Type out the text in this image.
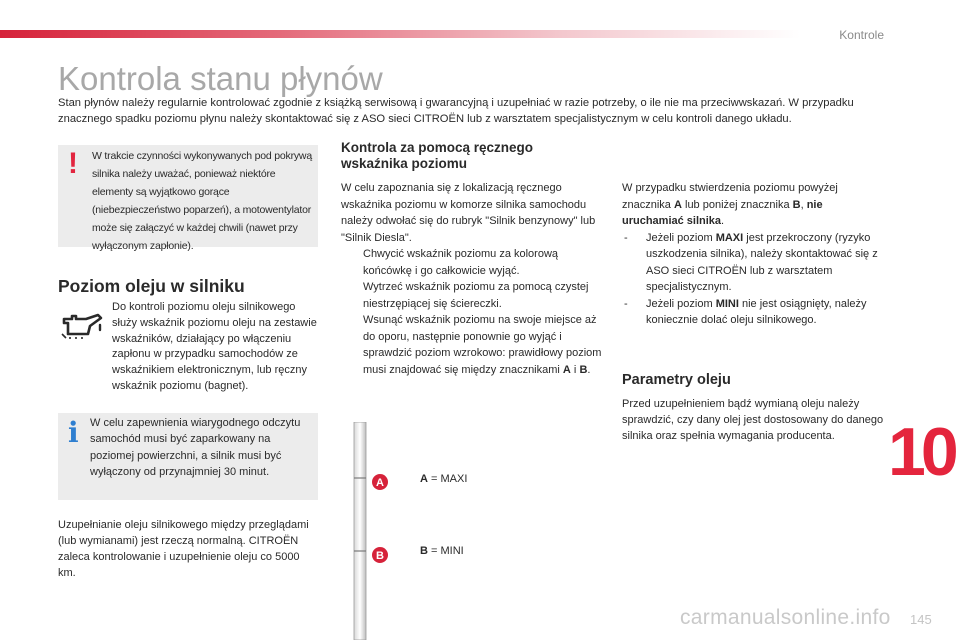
Kontrole
Kontrola stanu płynów

Stan płynów należy regularnie kontrolować zgodnie z książką serwisową i gwarancyjną i uzupełniać w razie potrzeby, o ile nie ma przeciwwskazań. W przypadku znacznego spadku poziomu płynu należy skontaktować się z ASO sieci CITROËN lub z warsztatem specjalistycznym w celu kontroli danego układu.

! W trakcie czynności wykonywanych pod pokrywą silnika należy uważać, ponieważ niektóre elementy są wyjątkowo gorące (niebezpieczeństwo poparzeń), a motowentylator może się załączyć w każdej chwili (nawet przy wyłączonym zapłonie).

Poziom oleju w silniku

Do kontroli poziomu oleju silnikowego służy wskaźnik poziomu oleju na zestawie wskaźników, działający po włączeniu zapłonu w przypadku samochodów ze wskaźnikiem elektronicznym, lub ręczny wskaźnik poziomu (bagnet).

i W celu zapewnienia wiarygodnego odczytu samochód musi być zaparkowany na poziomej powierzchni, a silnik musi być wyłączony od przynajmniej 30 minut.

Uzupełnianie oleju silnikowego między przeglądami (lub wymianami) jest rzeczą normalną. CITROËN zaleca kontrolowanie i uzupełnienie oleju co 5000 km.

Kontrola za pomocą ręcznego
wskaźnika poziomu

W celu zapoznania się z lokalizacją ręcznego wskaźnika poziomu w komorze silnika samochodu należy odwołać się do rubryk "Silnik benzynowy" lub "Silnik Diesla".

Chwycić wskaźnik poziomu za kolorową końcówkę i go całkowicie wyjąć.

Wytrzeć wskaźnik poziomu za pomocą czystej niestrzępiącej się ściereczki.

Wsunąć wskaźnik poziomu na swoje miejsce aż do oporu, następnie ponownie go wyjąć i sprawdzić poziom wzrokowo: prawidłowy poziom musi znajdować się między znacznikami A i B.

W przypadku stwierdzenia poziomu powyżej znacznika A lub poniżej znacznika B, nie uruchamiać silnika.

- Jeżeli poziom MAXI jest przekroczony (ryzyko uszkodzenia silnika), należy skontaktować się z ASO sieci CITROËN lub z warsztatem specjalistycznym.

- Jeżeli poziom MINI nie jest osiągnięty, należy koniecznie dolać oleju silnikowego.

Parametry oleju

Przed uzupełnieniem bądź wymianą oleju należy sprawdzić, czy dany olej jest dostosowany do danego silnika oraz spełnia wymagania producenta.

A
B
A = MAXI
B = MINI
10
carmanualsonline.info 145
